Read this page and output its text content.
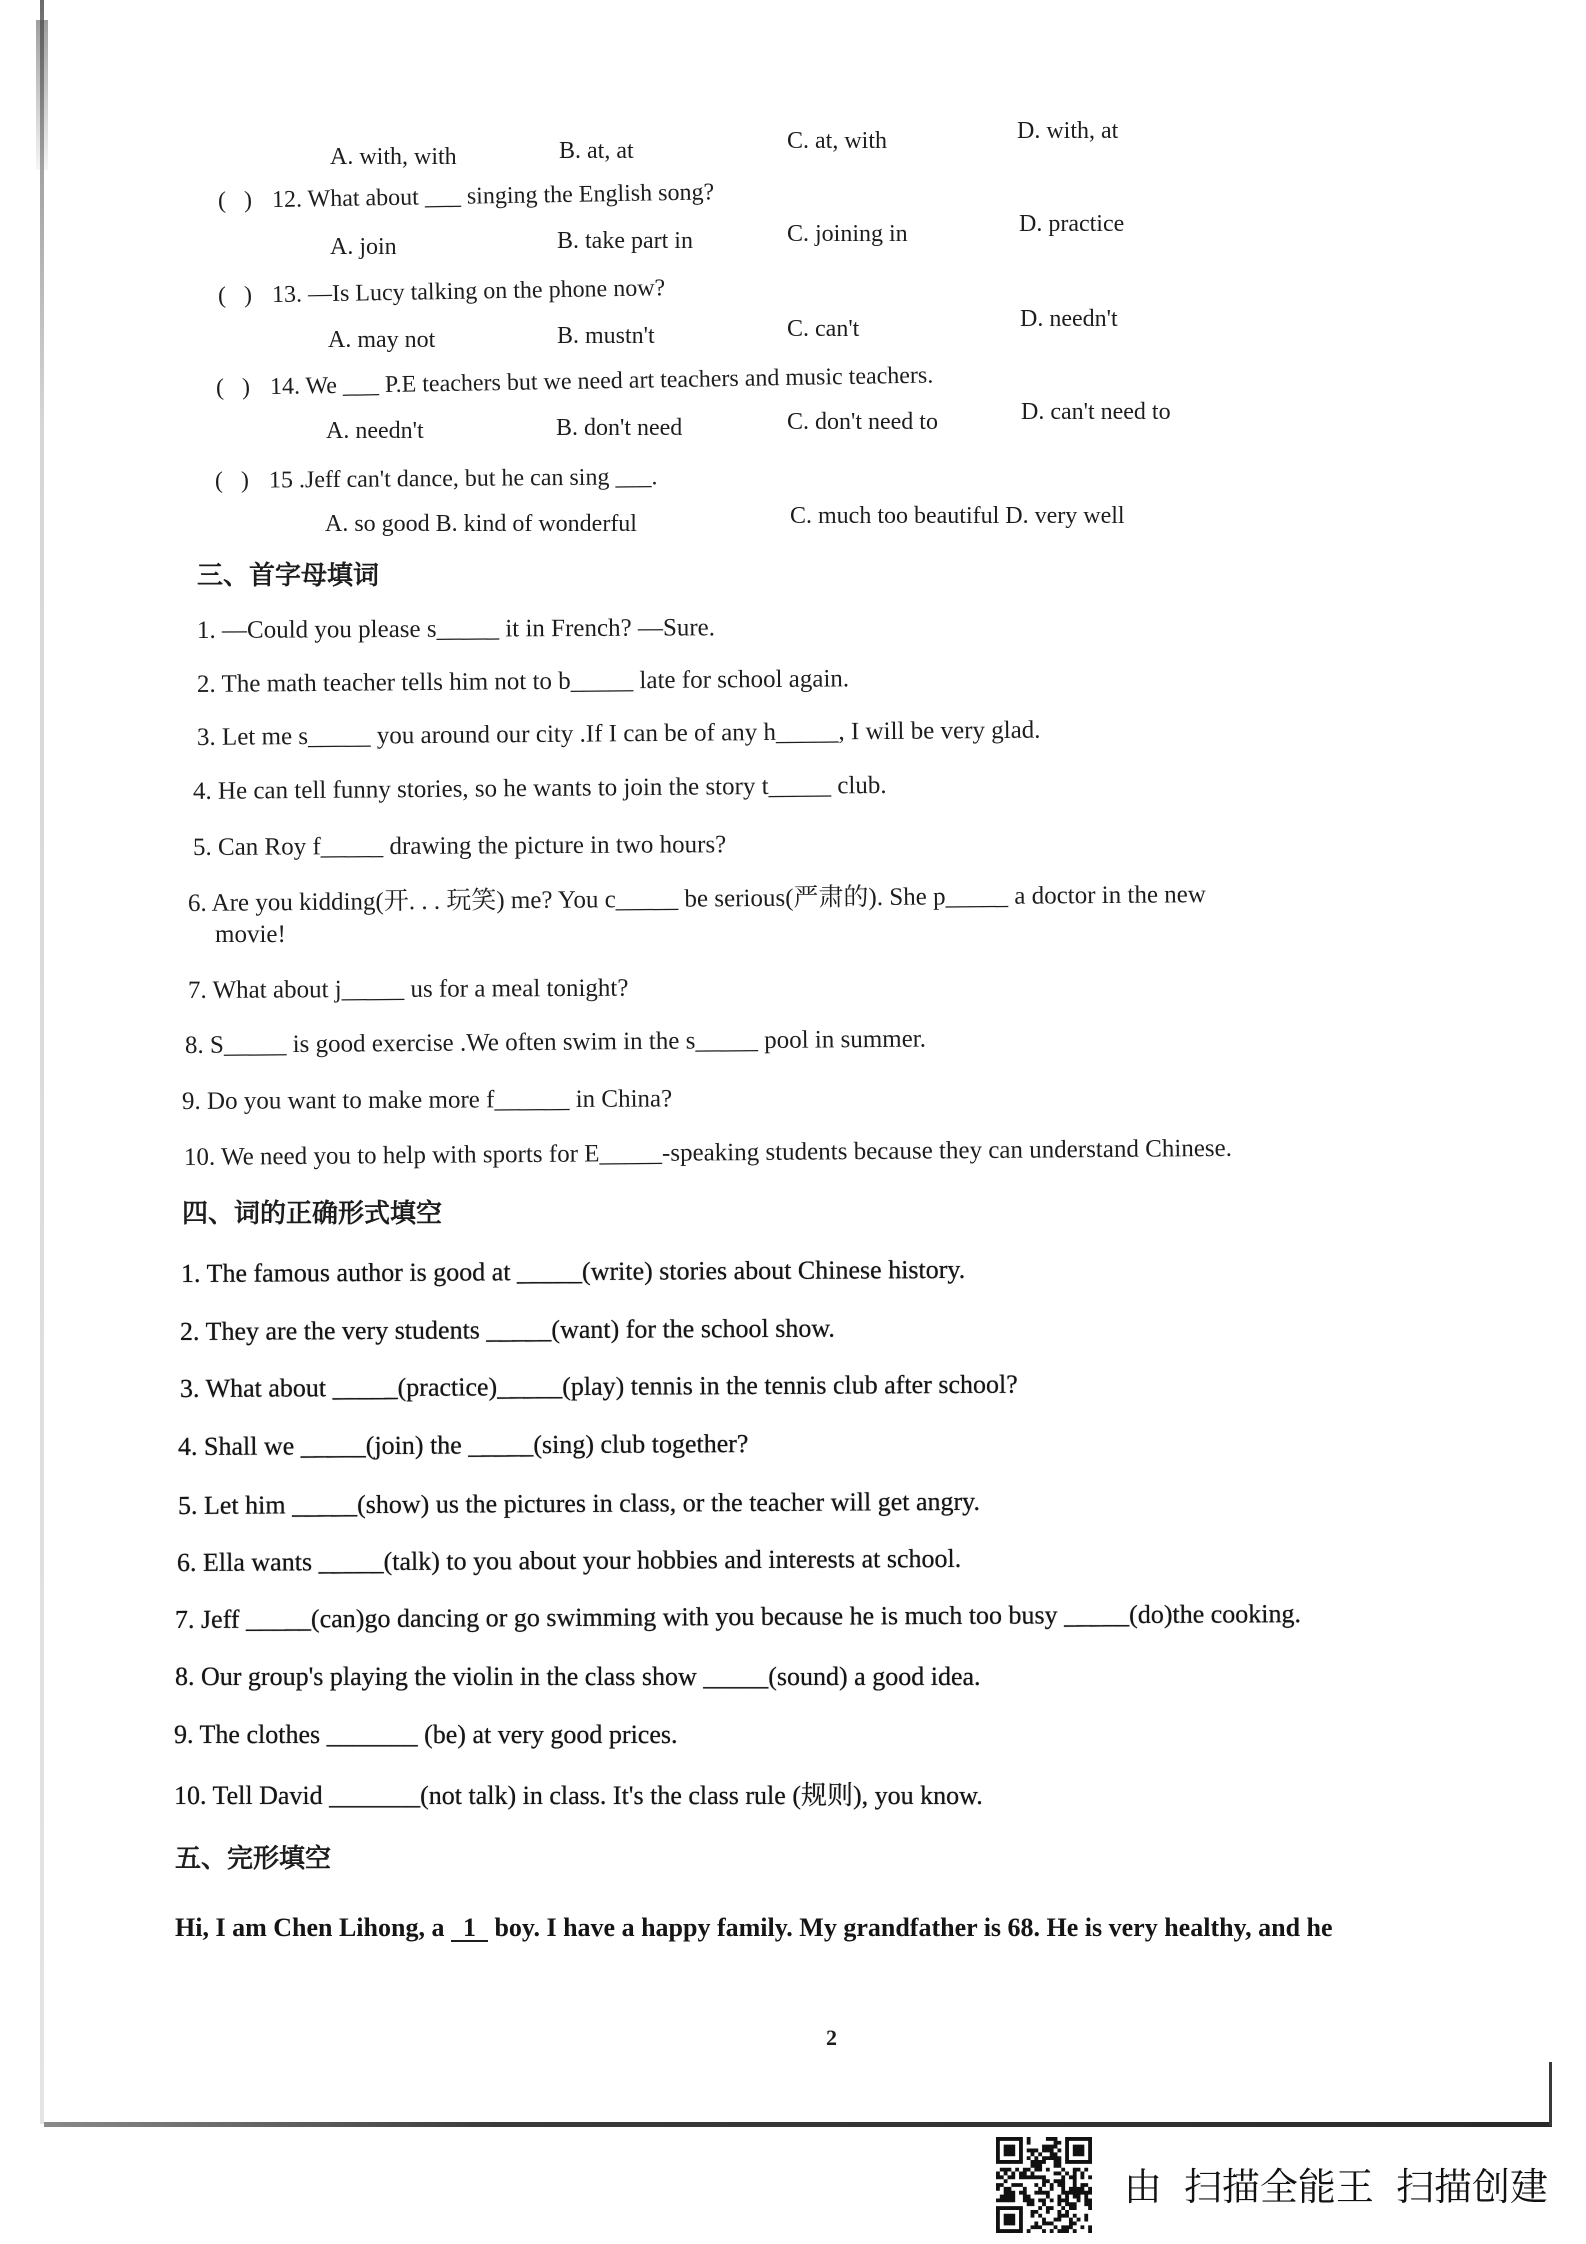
A. with, with	B. at, at	C. at, with	D. with, at
(   ) 12. What about ___ singing the English song?
A. join	B. take part in	C. joining in	D. practice
(   ) 13. —Is Lucy talking on the phone now?
A. may not	B. mustn't	C. can't	D. needn't
(   ) 14. We ___ P.E teachers but we need art teachers and music teachers.
A. needn't	B. don't need	C. don't need to	D. can't need to
(   ) 15 .Jeff can't dance, but he can sing ___.
A. so good B. kind of wonderful	C. much too beautiful D. very well
三、首字母填词
1. —Could you please s_____ it in French? —Sure.
2. The math teacher tells him not to b_____ late for school again.
3. Let me s_____ you around our city .If I can be of any h_____, I will be very glad.
4. He can tell funny stories, so he wants to join the story t_____ club.
5. Can Roy f_____ drawing the picture in two hours?
6. Are you kidding(开. . . 玩笑) me? You c_____ be serious(严肃的). She p_____ a doctor in the new
movie!
7. What about j_____ us for a meal tonight?
8. S_____ is good exercise .We often swim in the s_____ pool in summer.
9. Do you want to make more f______ in China?
10. We need you to help with sports for E_____-speaking students because they can understand Chinese.
四、词的正确形式填空
1. The famous author is good at _____(write) stories about Chinese history.
2. They are the very students _____(want) for the school show.
3. What about _____(practice)_____(play) tennis in the tennis club after school?
4. Shall we _____(join) the _____(sing) club together?
5. Let him _____(show) us the pictures in class, or the teacher will get angry.
6. Ella wants _____(talk) to you about your hobbies and interests at school.
7. Jeff _____(can)go dancing or go swimming with you because he is much too busy _____(do)the cooking.
8. Our group's playing the violin in the class show _____(sound) a good idea.
9. The clothes _______ (be) at very good prices.
10. Tell David _______(not talk) in class. It's the class rule (规则), you know.
五、完形填空
Hi, I am Chen Lihong, a 1 boy. I have a happy family. My grandfather is 68. He is very healthy, and he
2
由 扫描全能王 扫描创建
